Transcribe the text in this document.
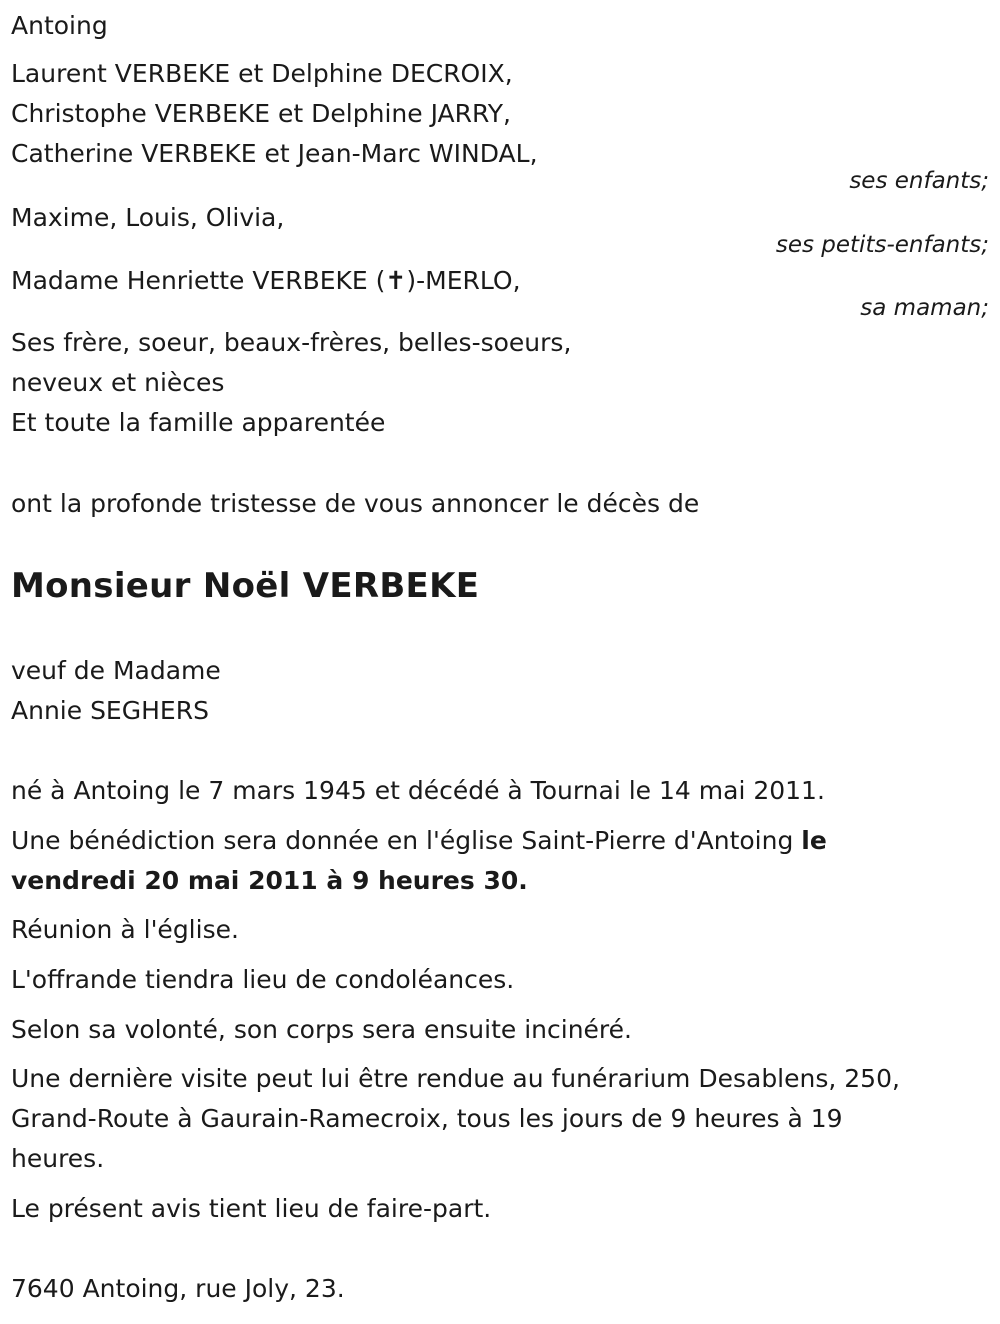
Antoing
Laurent VERBEKE et Delphine DECROIX,
Christophe VERBEKE et Delphine JARRY,
Catherine VERBEKE et Jean-Marc WINDAL,
ses enfants;
Maxime, Louis, Olivia,
ses petits-enfants;
Madame Henriette VERBEKE (✝)-MERLO,
sa maman;
Ses frère, soeur, beaux-frères, belles-soeurs,
neveux et nièces
Et toute la famille apparentée
ont la profonde tristesse de vous annoncer le décès de
Monsieur Noël VERBEKE
veuf de Madame
Annie SEGHERS
né à Antoing le 7 mars 1945 et décédé à Tournai le 14 mai 2011.
Une bénédiction sera donnée en l'église Saint-Pierre d'Antoing le
vendredi 20 mai 2011 à 9 heures 30.
Réunion à l'église.
L'offrande tiendra lieu de condoléances.
Selon sa volonté, son corps sera ensuite incinéré.
Une dernière visite peut lui être rendue au funérarium Desablens, 250,
Grand-Route à Gaurain-Ramecroix, tous les jours de 9 heures à 19
heures.
Le présent avis tient lieu de faire-part.
7640 Antoing, rue Joly, 23.
